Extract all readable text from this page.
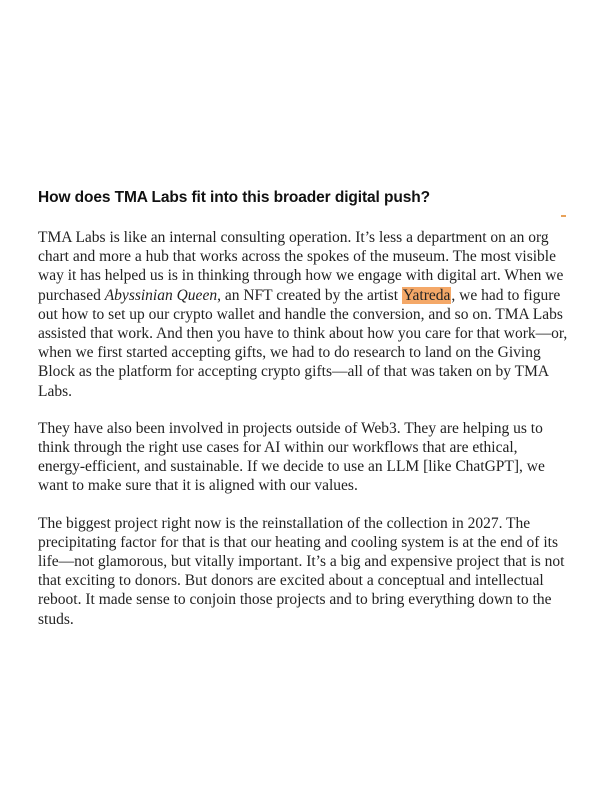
How does TMA Labs fit into this broader digital push?

TMA Labs is like an internal consulting operation. It’s less a department on an org chart and more a hub that works across the spokes of the museum. The most visible way it has helped us is in thinking through how we engage with digital art. When we purchased Abyssinian Queen, an NFT created by the artist Yatreda, we had to figure out how to set up our crypto wallet and handle the conversion, and so on. TMA Labs assisted that work. And then you have to think about how you care for that work—or, when we first started accepting gifts, we had to do research to land on the Giving Block as the platform for accepting crypto gifts—all of that was taken on by TMA Labs.

They have also been involved in projects outside of Web3. They are helping us to think through the right use cases for AI within our workflows that are ethical, energy-efficient, and sustainable. If we decide to use an LLM [like ChatGPT], we want to make sure that it is aligned with our values.

The biggest project right now is the reinstallation of the collection in 2027. The precipitating factor for that is that our heating and cooling system is at the end of its life—not glamorous, but vitally important. It’s a big and expensive project that is not that exciting to donors. But donors are excited about a conceptual and intellectual reboot. It made sense to conjoin those projects and to bring everything down to the studs.
